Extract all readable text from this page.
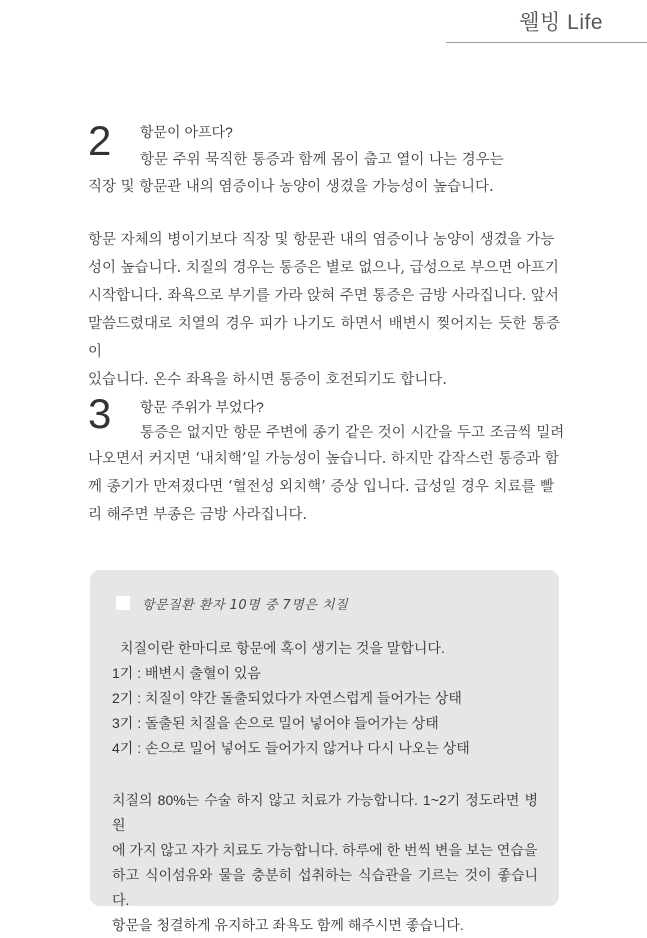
웰빙 Life
2 항문이 아프다?
항문 주위 묵직한 통증과 함께 몸이 춥고 열이 나는 경우는
직장 및 항문관 내의 염증이나 농양이 생겼을 가능성이 높습니다.

항문 자체의 병이기보다 직장 및 항문관 내의 염증이나 농양이 생겼을 가능

성이 높습니다. 치질의 경우는 통증은 별로 없으나, 급성으로 부으면 아프기

시작합니다. 좌욕으로 부기를 가라 앉혀 주면 통증은 금방 사라집니다. 앞서

말씀드렸대로 치열의 경우 피가 나기도 하면서 배변시 찢어지는 듯한 통증이

있습니다. 온수 좌욕을 하시면 통증이 호전되기도 합니다.

3 항문 주위가 부었다?
통증은 없지만 항문 주변에 종기 같은 것이 시간을 두고 조금씩 밀려

나오면서 커지면 ‘내치핵’일 가능성이 높습니다. 하지만 갑작스런 통증과 함

께 종기가 만져졌다면 ‘혈전성 외치핵’ 증상 입니다. 급성일 경우 치료를 빨

리 해주면 부종은 금방 사라집니다.

항문질환 환자 10명 중 7명은 치질
치질이란 한마디로 항문에 혹이 생기는 것을 말합니다.
1기 : 배변시 출혈이 있음
2기 : 치질이 약간 돌출되었다가 자연스럽게 들어가는 상태
3기 : 돌출된 치질을 손으로 밀어 넣어야 들어가는 상태
4기 : 손으로 밀어 넣어도 들어가지 않거나 다시 나오는 상태

치질의 80%는 수술 하지 않고 치료가 가능합니다. 1~2기 정도라면 병원

에 가지 않고 자가 치료도 가능합니다. 하루에 한 번씩 변을 보는 연습을

하고 식이섬유와 물을 충분히 섭취하는 식습관을 기르는 것이 좋습니다.

항문을 청결하게 유지하고 좌욕도 함께 해주시면 좋습니다.
